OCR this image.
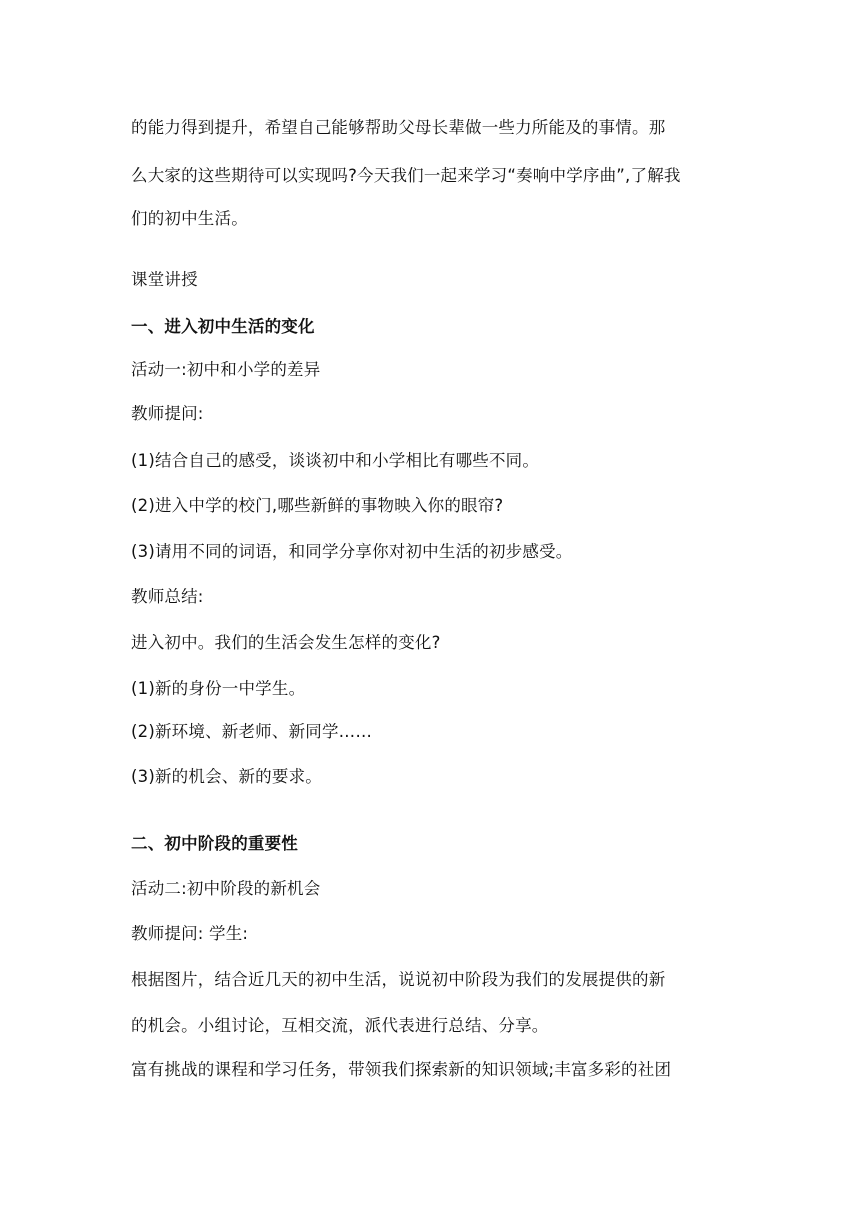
的能力得到提升，希望自己能够帮助父母长辈做一些力所能及的事情。那
么大家的这些期待可以实现吗?今天我们一起来学习“奏响中学序曲”,了解我
们的初中生活。
课堂讲授
一、进入初中生活的变化
活动一:初中和小学的差异
教师提问:
(1)结合自己的感受，谈谈初中和小学相比有哪些不同。
(2)进入中学的校门,哪些新鲜的事物映入你的眼帘?
(3)请用不同的词语，和同学分享你对初中生活的初步感受。
教师总结:
进入初中。我们的生活会发生怎样的变化?
(1)新的身份一中学生。
(2)新环境、新老师、新同学……
(3)新的机会、新的要求。
二、初中阶段的重要性
活动二:初中阶段的新机会
教师提问: 学生:
根据图片，结合近几天的初中生活，说说初中阶段为我们的发展提供的新
的机会。小组讨论，互相交流，派代表进行总结、分享。
富有挑战的课程和学习任务，带领我们探索新的知识领域;丰富多彩的社团
